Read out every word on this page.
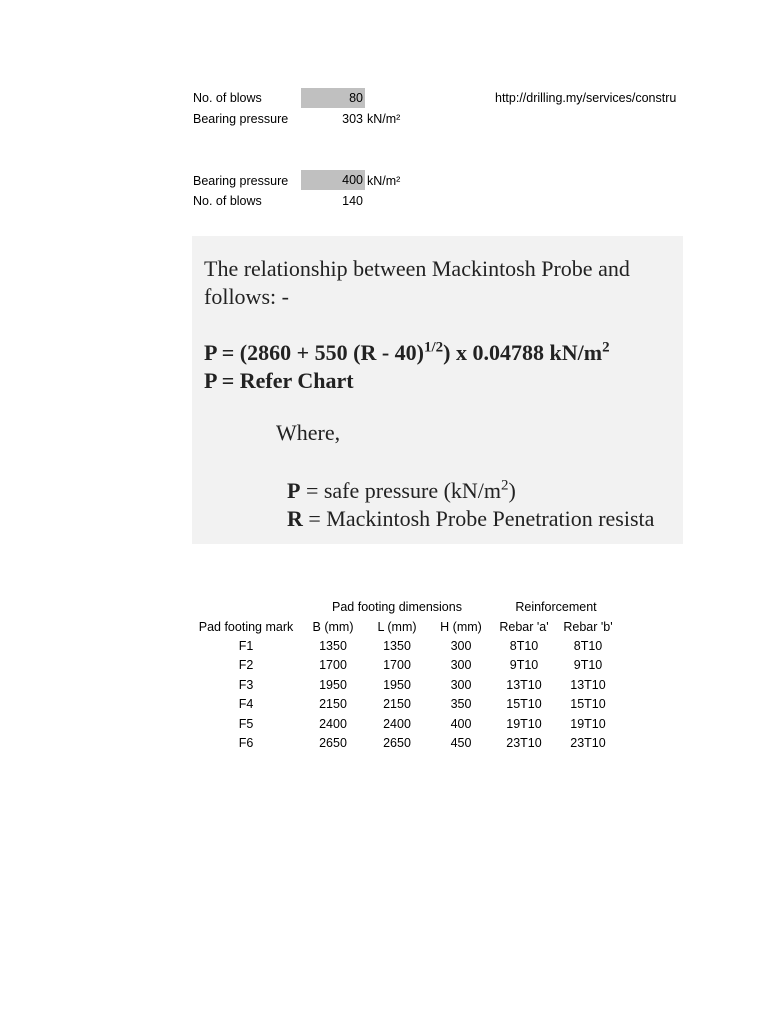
No. of blows	80	http://drilling.my/services/constru
Bearing pressure	303 kN/m²
Bearing pressure	400 kN/m²
No. of blows	140
The relationship between Mackintosh Probe and
follows: -
P = (2860 + 550 (R - 40)$^{1/2}$) x 0.04788 $kN/m^2$
P = Refer Chart
Where,
P = safe pressure $(kN/m^2)$
R = Mackintosh Probe Penetration resista
Pad footing dimensions	Reinforcement
Pad footing mark	B (mm)	L (mm)	H (mm)	Rebar 'a'	Rebar 'b'
F1	1350	1350	300	8T10	8T10
F2	1700	1700	300	9T10	9T10
F3	1950	1950	300	13T10	13T10
F4	2150	2150	350	15T10	15T10
F5	2400	2400	400	19T10	19T10
F6	2650	2650	450	23T10	23T10
